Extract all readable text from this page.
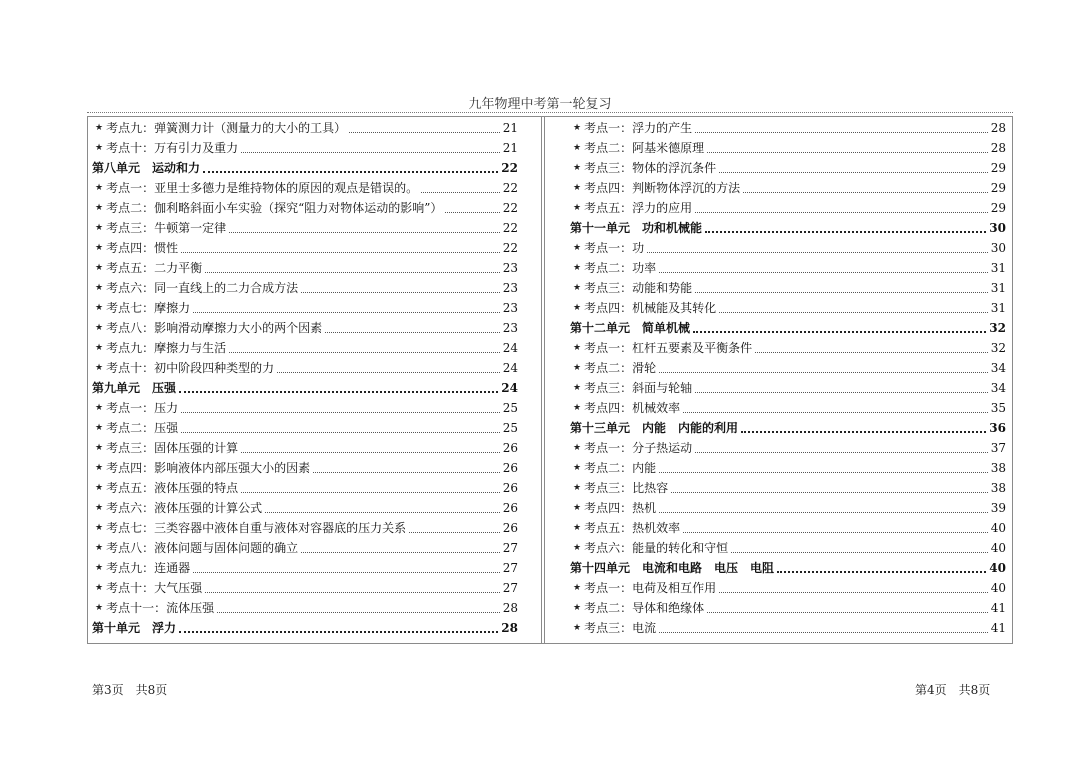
九年物理中考第一轮复习
★ 考点九：弹簧测力计（测量力的大小的工具）	21
★ 考点十：万有引力及重力	21
第八单元　运动和力	22
★ 考点一：亚里士多德力是维持物体的原因的观点是错误的。	22
★ 考点二：伽利略斜面小车实验（探究“阻力对物体运动的影响”）	22
★ 考点三：牛顿第一定律	22
★ 考点四：惯性	22
★ 考点五：二力平衡	23
★ 考点六：同一直线上的二力合成方法	23
★ 考点七：摩擦力	23
★ 考点八：影响滑动摩擦力大小的两个因素	23
★ 考点九：摩擦力与生活	24
★ 考点十：初中阶段四种类型的力	24
第九单元　压强	24
★ 考点一：压力	25
★ 考点二：压强	25
★ 考点三：固体压强的计算	26
★ 考点四：影响液体内部压强大小的因素	26
★ 考点五：液体压强的特点	26
★ 考点六：液体压强的计算公式	26
★ 考点七：三类容器中液体自重与液体对容器底的压力关系	26
★ 考点八：液体问题与固体问题的确立	27
★ 考点九：连通器	27
★ 考点十：大气压强	27
★ 考点十一：流体压强	28
第十单元　浮力	28
★ 考点一：浮力的产生	28
★ 考点二：阿基米德原理	28
★ 考点三：物体的浮沉条件	29
★ 考点四：判断物体浮沉的方法	29
★ 考点五：浮力的应用	29
第十一单元　功和机械能	30
★ 考点一：功	30
★ 考点二：功率	31
★ 考点三：动能和势能	31
★ 考点四：机械能及其转化	31
第十二单元　简单机械	32
★ 考点一：杠杆五要素及平衡条件	32
★ 考点二：滑轮	34
★ 考点三：斜面与轮轴	34
★ 考点四：机械效率	35
第十三单元　内能　内能的利用	36
★ 考点一：分子热运动	37
★ 考点二：内能	38
★ 考点三：比热容	38
★ 考点四：热机	39
★ 考点五：热机效率	40
★ 考点六：能量的转化和守恒	40
第十四单元　电流和电路　电压　电阻	40
★ 考点一：电荷及相互作用	40
★ 考点二：导体和绝缘体	41
★ 考点三：电流	41
第3页　共8页	第4页　共8页
